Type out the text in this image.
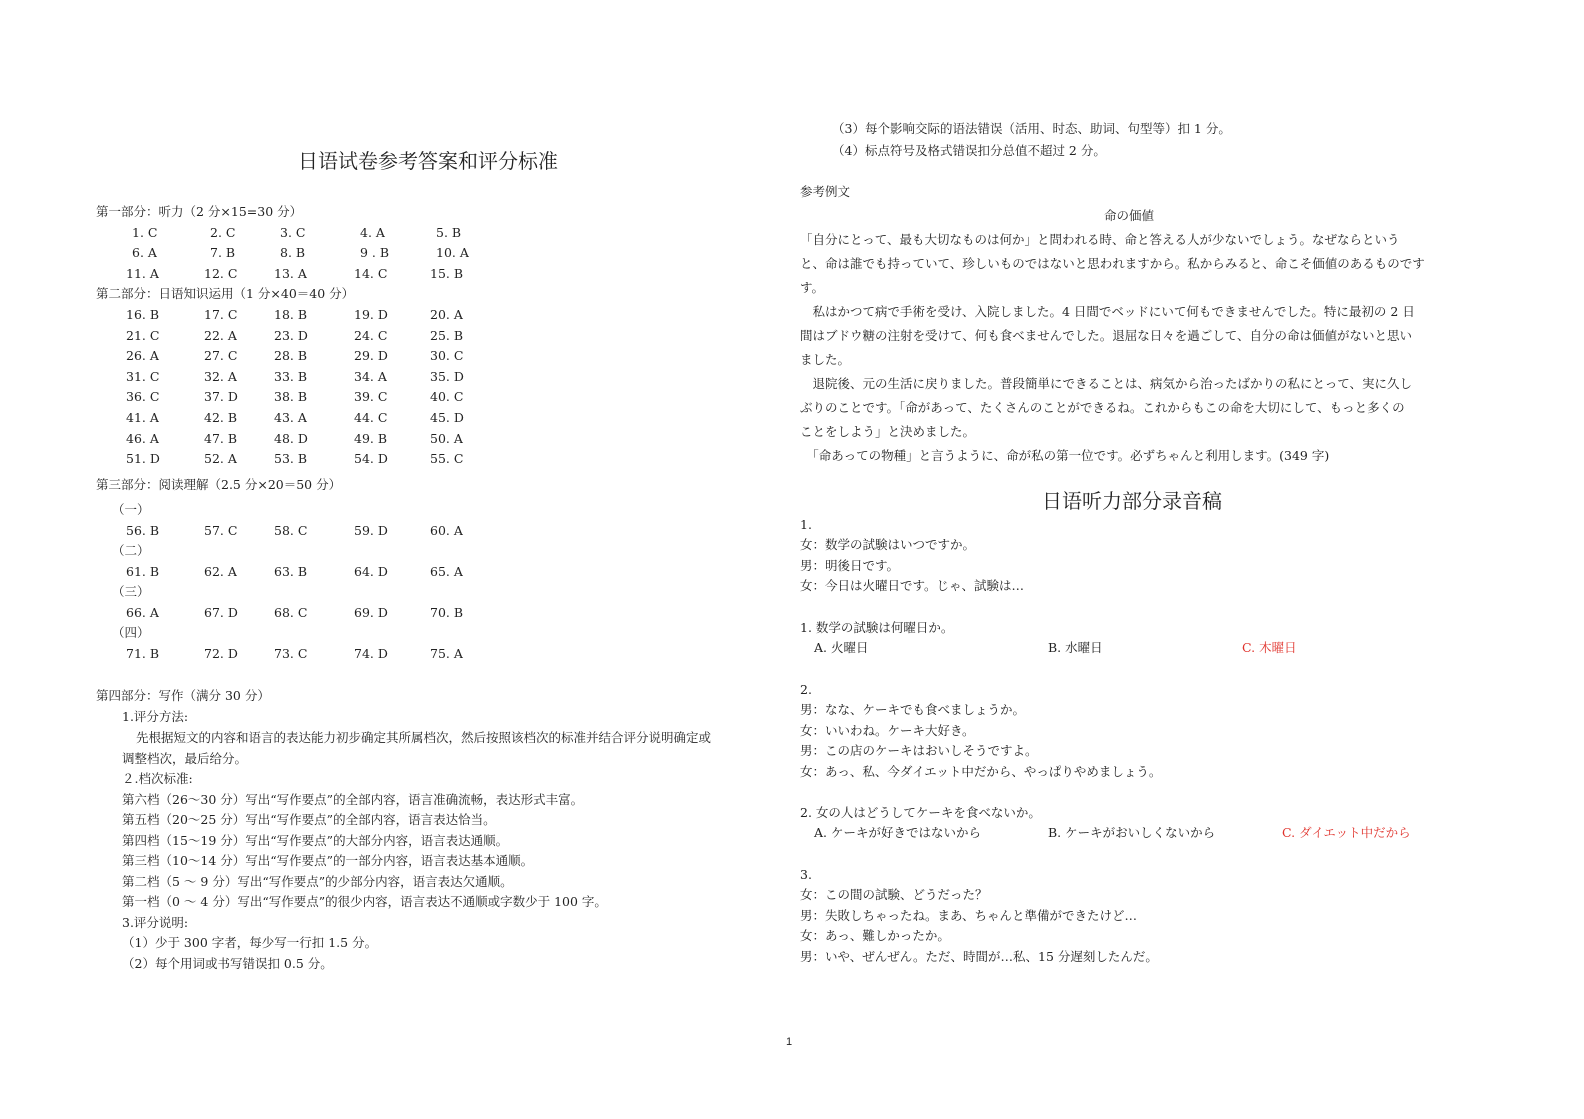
日语试卷参考答案和评分标准
第一部分：听力（2 分×15=30 分）
第二部分：日语知识运用（1 分×40＝40 分）
第三部分：阅读理解（2.5 分×20＝50 分）
第四部分：写作（满分 30 分）
1.评分方法:
先根据短文的内容和语言的表达能力初步确定其所属档次，然后按照该档次的标准并结合评分说明确定或
调整档次，最后给分。
２.档次标准:
第六档（26～30 分）写出“写作要点”的全部内容，语言准确流畅，表达形式丰富。
第五档（20～25 分）写出“写作要点”的全部内容，语言表达恰当。
第四档（15～19 分）写出“写作要点”的大部分内容，语言表达通顺。
第三档（10～14 分）写出“写作要点”的一部分内容，语言表达基本通顺。
第二档（5 ～ 9 分）写出“写作要点”的少部分内容，语言表达欠通顺。
第一档（0 ～ 4 分）写出“写作要点”的很少内容，语言表达不通顺或字数少于 100 字。
3.评分说明:
（1）少于 300 字者，每少写一行扣 1.5 分。
（2）每个用词或书写错误扣 0.5 分。
1. C	2. C	3. C	4. A	5. B
6. A	7. B	8. B	9 . B	10. A
11. A	12. C	13. A	14. C	15. B
16. B	17. C	18. B	19. D	20. A
21. C	22. A	23. D	24. C	25. B
26. A	27. C	28. B	29. D	30. C
31. C	32. A	33. B	34. A	35. D
36. C	37. D	38. B	39. C	40. C
41. A	42. B	43. A	44. C	45. D
46. A	47. B	48. D	49. B	50. A
51. D	52. A	53. B	54. D	55. C
（一）
56. B	57. C	58. C	59. D	60. A
（二）
61. B	62. A	63. B	64. D	65. A
（三）
66. A	67. D	68. C	69. D	70. B
（四）
71. B	72. D	73. C	74. D	75. A
（3）每个影响交际的语法错误（活用、时态、助词、句型等）扣 1 分。
（4）标点符号及格式错误扣分总值不超过 2 分。
参考例文
命の価値
日语听力部分录音稿
1.
女：数学の試験はいつですか。
男：明後日です。
女：今日は火曜日です。じゃ、試験は…
1. 数学の試験は何曜日か。
A. 火曜日	B. 水曜日	C. 木曜日
2.
男：なな、ケーキでも食べましょうか。
女：いいわね。ケーキ大好き。
男：この店のケーキはおいしそうですよ。
女：あっ、私、今ダイエット中だから、やっぱりやめましょう。
2. 女の人はどうしてケーキを食べないか。
A. ケーキが好きではないから	B. ケーキがおいしくないから	C. ダイエット中だから
3.
女：この間の試験、どうだった？
男：失敗しちゃったね。まあ、ちゃんと準備ができたけど…
女：あっ、難しかったか。
男：いや、ぜんぜん。ただ、時間が…私、15 分遅刻したんだ。
「自分にとって、最も大切なものは何か」と問われる時、命と答える人が少ないでしょう。なぜならという
と、命は誰でも持っていて、珍しいものではないと思われますから。私からみると、命こそ価値のあるものです
す。
　私はかつて病で手術を受け、入院しました。4 日間でベッドにいて何もできませんでした。特に最初の 2 日
間はブドウ糖の注射を受けて、何も食べませんでした。退屈な日々を過ごして、自分の命は価値がないと思い
ました。
　退院後、元の生活に戻りました。普段簡単にできることは、病気から治ったばかりの私にとって、実に久し
ぶりのことです。「命があって、たくさんのことができるね。これからもこの命を大切にして、もっと多くの
ことをしよう」と決めました。
　「命あっての物種」と言うように、命が私の第一位です。必ずちゃんと利用します。(349 字)
1
